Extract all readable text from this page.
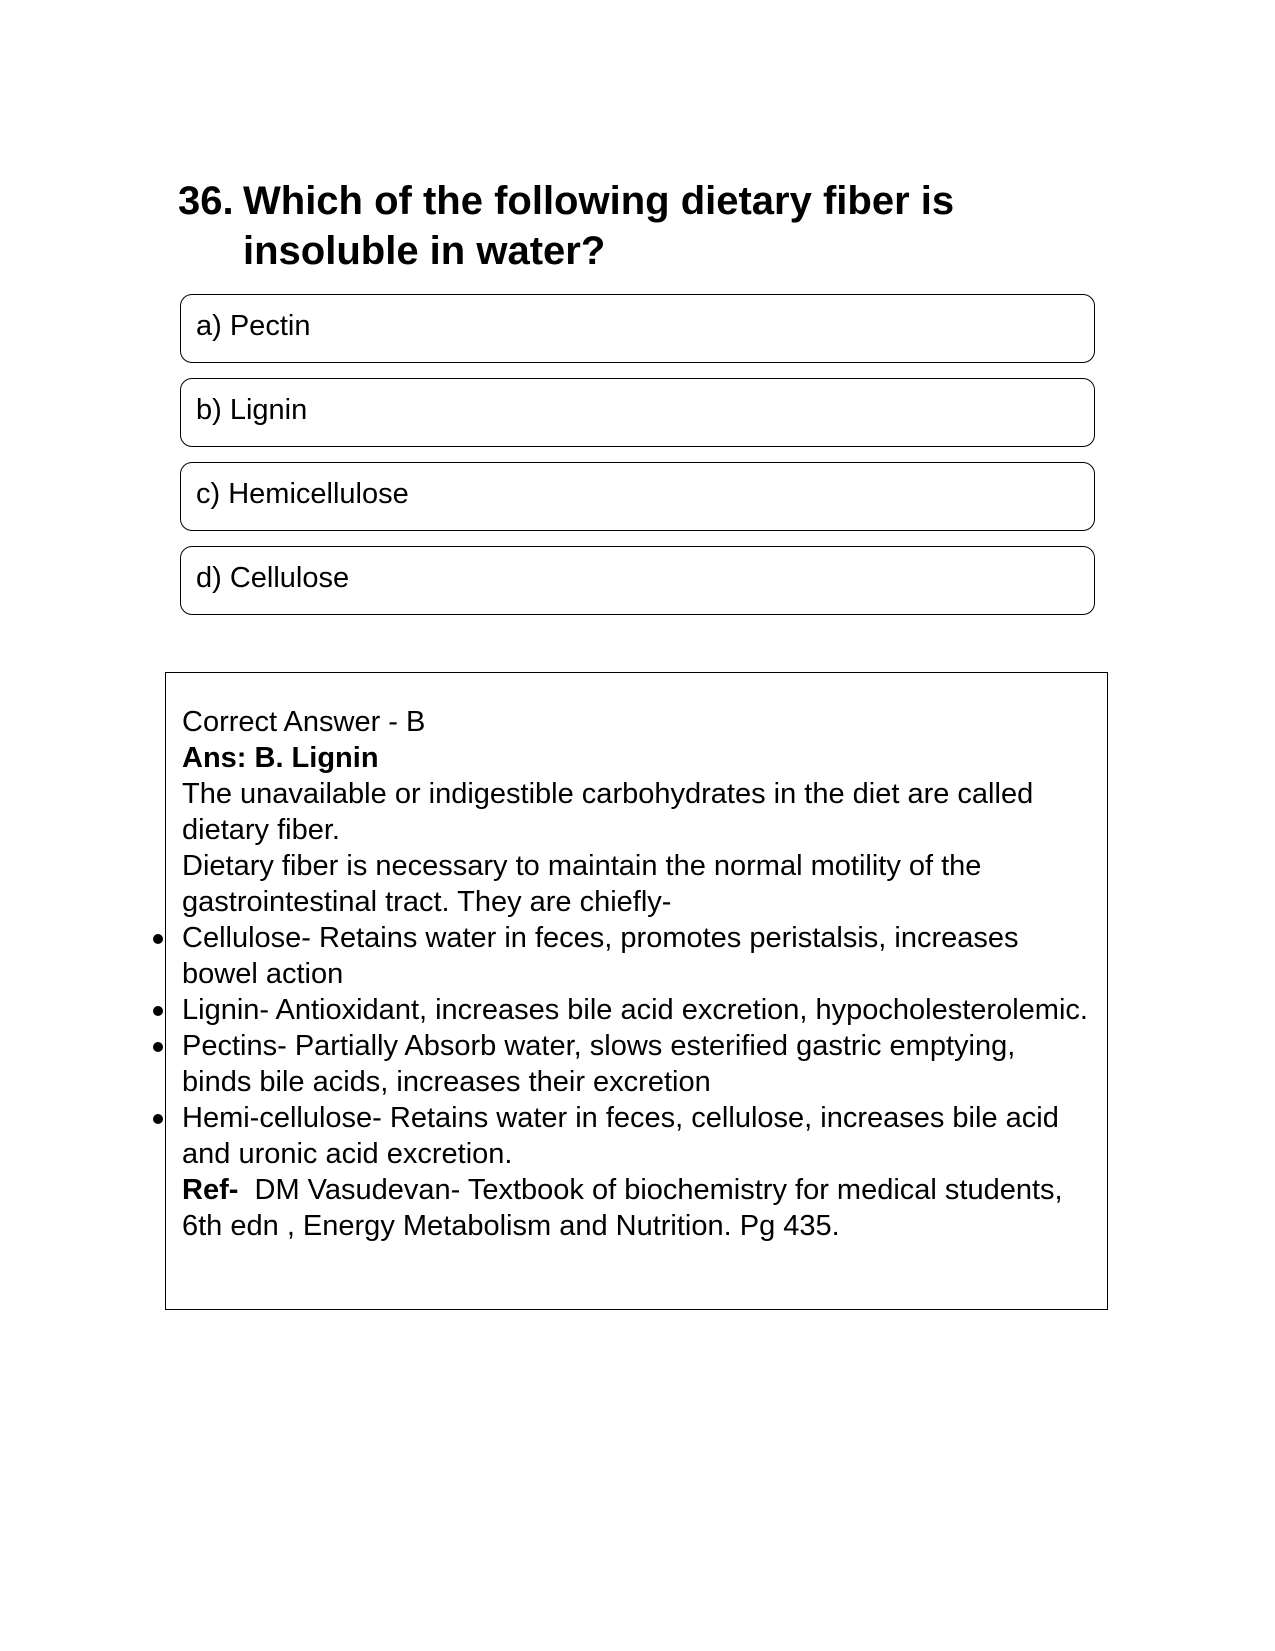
36. Which of the following dietary fiber is insoluble in water?
a) Pectin
b) Lignin
c) Hemicellulose
d) Cellulose

Correct Answer - B

Ans: B. Lignin

The unavailable or indigestible carbohydrates in the diet are called dietary fiber.

Dietary fiber is necessary to maintain the normal motility of the gastrointestinal tract. They are chiefly-

Cellulose- Retains water in feces, promotes peristalsis, increases bowel action
Lignin- Antioxidant, increases bile acid excretion, hypocholesterolemic.
Pectins- Partially Absorb water, slows esterified gastric emptying, binds bile acids, increases their excretion
Hemi-cellulose- Retains water in feces, cellulose, increases bile acid and uronic acid excretion.

Ref- DM Vasudevan- Textbook of biochemistry for medical students, 6th edn , Energy Metabolism and Nutrition. Pg 435.
